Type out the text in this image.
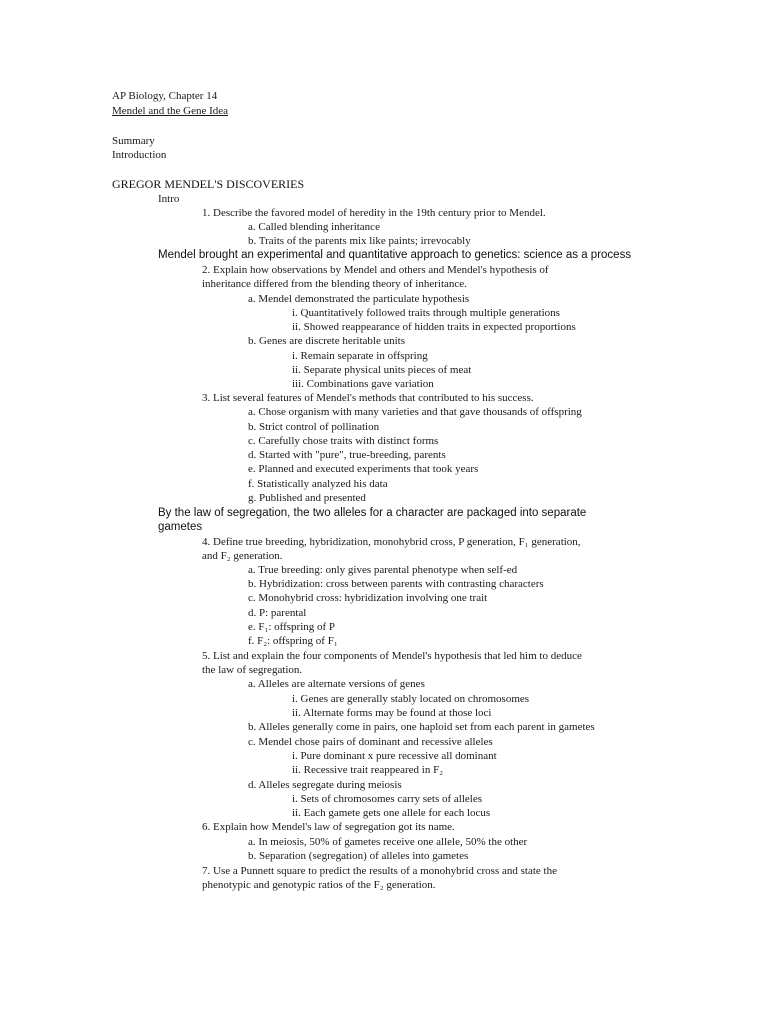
AP Biology, Chapter 14
Mendel and the Gene Idea
Summary
Introduction
GREGOR MENDEL'S DISCOVERIES
Intro
1. Describe the favored model of heredity in the 19th century prior to Mendel.
a. Called blending inheritance
b. Traits of the parents mix like paints; irrevocably
Mendel brought an experimental and quantitative approach to genetics: science as a process
2. Explain how observations by Mendel and others and Mendel's hypothesis of
inheritance differed from the blending theory of inheritance.
a. Mendel demonstrated the particulate hypothesis
i. Quantitatively followed traits through multiple generations
ii. Showed reappearance of hidden traits in expected proportions
b. Genes are discrete heritable units
i. Remain separate in offspring
ii. Separate physical units pieces of meat
iii. Combinations gave variation
3. List several features of Mendel's methods that contributed to his success.
a. Chose organism with many varieties and that gave thousands of offspring
b. Strict control of pollination
c. Carefully chose traits with distinct forms
d. Started with "pure", true-breeding, parents
e. Planned and executed experiments that took years
f. Statistically analyzed his data
g. Published and presented
By the law of segregation, the two alleles for a character are packaged into separate
gametes
4. Define true breeding, hybridization, monohybrid cross, P generation, F₁ generation,
and F₂ generation.
a. True breeding: only gives parental phenotype when self-ed
b. Hybridization: cross between parents with contrasting characters
c. Monohybrid cross: hybridization involving one trait
d. P: parental
e. F₁: offspring of P
f. F₂: offspring of F₁
5. List and explain the four components of Mendel's hypothesis that led him to deduce
the law of segregation.
a. Alleles are alternate versions of genes
i. Genes are generally stably located on chromosomes
ii. Alternate forms may be found at those loci
b. Alleles generally come in pairs, one haploid set from each parent in gametes
c. Mendel chose pairs of dominant and recessive alleles
i. Pure dominant x pure recessive all dominant
ii. Recessive trait reappeared in F₂
d. Alleles segregate during meiosis
i. Sets of chromosomes carry sets of alleles
ii. Each gamete gets one allele for each locus
6. Explain how Mendel's law of segregation got its name.
a. In meiosis, 50% of gametes receive one allele, 50% the other
b. Separation (segregation) of alleles into gametes
7. Use a Punnett square to predict the results of a monohybrid cross and state the
phenotypic and genotypic ratios of the F₂ generation.
